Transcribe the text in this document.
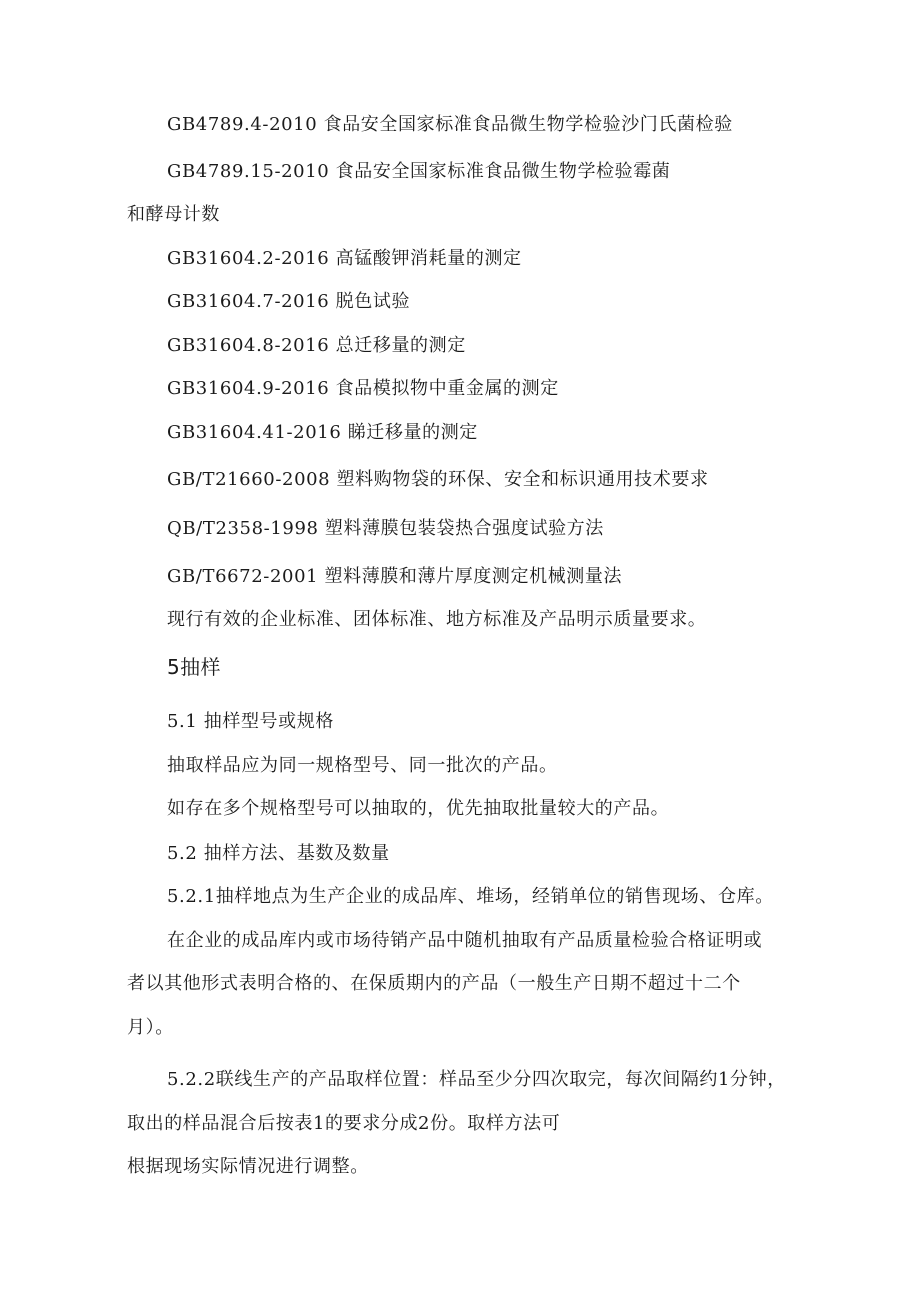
GB4789.4-2010 食品安全国家标准食品微生物学检验沙门氏菌检验
GB4789.15-2010 食品安全国家标准食品微生物学检验霉菌
和酵母计数
GB31604.2-2016 高锰酸钾消耗量的测定
GB31604.7-2016 脱色试验
GB31604.8-2016 总迁移量的测定
GB31604.9-2016 食品模拟物中重金属的测定
GB31604.41-2016 睇迁移量的测定
GB/T21660-2008 塑料购物袋的环保、安全和标识通用技术要求
QB/T2358-1998 塑料薄膜包装袋热合强度试验方法
GB/T6672-2001 塑料薄膜和薄片厚度测定机械测量法
现行有效的企业标准、团体标准、地方标准及产品明示质量要求。
5抽样
5.1 抽样型号或规格
抽取样品应为同一规格型号、同一批次的产品。
如存在多个规格型号可以抽取的，优先抽取批量较大的产品。
5.2 抽样方法、基数及数量
5.2.1抽样地点为生产企业的成品库、堆场，经销单位的销售现场、仓库。
在企业的成品库内或市场待销产品中随机抽取有产品质量检验合格证明或
者以其他形式表明合格的、在保质期内的产品（一般生产日期不超过十二个
月）。
5.2.2联线生产的产品取样位置：样品至少分四次取完，每次间隔约1分钟，
取出的样品混合后按表1的要求分成2份。取样方法可
根据现场实际情况进行调整。
